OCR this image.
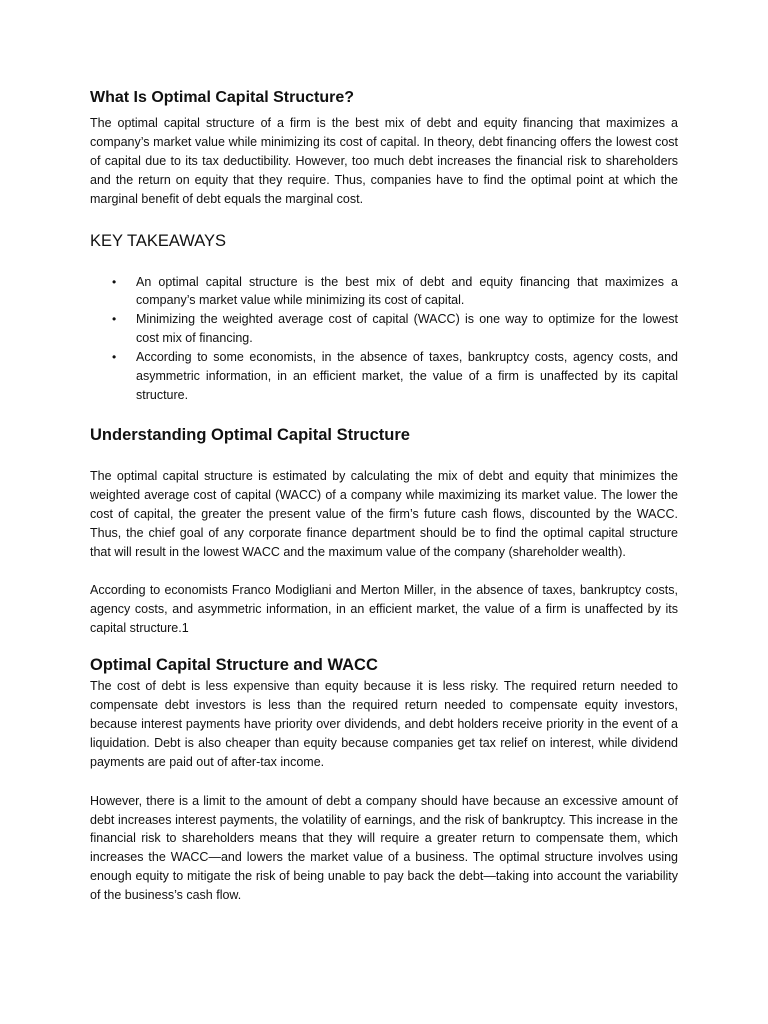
What Is Optimal Capital Structure?

The optimal capital structure of a firm is the best mix of debt and equity financing that maximizes a company’s market value while minimizing its cost of capital. In theory, debt financing offers the lowest cost of capital due to its tax deductibility. However, too much debt increases the financial risk to shareholders and the return on equity that they require. Thus, companies have to find the optimal point at which the marginal benefit of debt equals the marginal cost.

KEY TAKEAWAYS
• An optimal capital structure is the best mix of debt and equity financing that maximizes a company’s market value while minimizing its cost of capital.
• Minimizing the weighted average cost of capital (WACC) is one way to optimize for the lowest cost mix of financing.
• According to some economists, in the absence of taxes, bankruptcy costs, agency costs, and asymmetric information, in an efficient market, the value of a firm is unaffected by its capital structure.
Understanding Optimal Capital Structure

The optimal capital structure is estimated by calculating the mix of debt and equity that minimizes the weighted average cost of capital (WACC) of a company while maximizing its market value. The lower the cost of capital, the greater the present value of the firm’s future cash flows, discounted by the WACC. Thus, the chief goal of any corporate finance department should be to find the optimal capital structure that will result in the lowest WACC and the maximum value of the company (shareholder wealth).

According to economists Franco Modigliani and Merton Miller, in the absence of taxes, bankruptcy costs, agency costs, and asymmetric information, in an efficient market, the value of a firm is unaffected by its capital structure.1

Optimal Capital Structure and WACC

The cost of debt is less expensive than equity because it is less risky. The required return needed to compensate debt investors is less than the required return needed to compensate equity investors, because interest payments have priority over dividends, and debt holders receive priority in the event of a liquidation. Debt is also cheaper than equity because companies get tax relief on interest, while dividend payments are paid out of after-tax income.

However, there is a limit to the amount of debt a company should have because an excessive amount of debt increases interest payments, the volatility of earnings, and the risk of bankruptcy. This increase in the financial risk to shareholders means that they will require a greater return to compensate them, which increases the WACC—and lowers the market value of a business. The optimal structure involves using enough equity to mitigate the risk of being unable to pay back the debt—taking into account the variability of the business’s cash flow.
